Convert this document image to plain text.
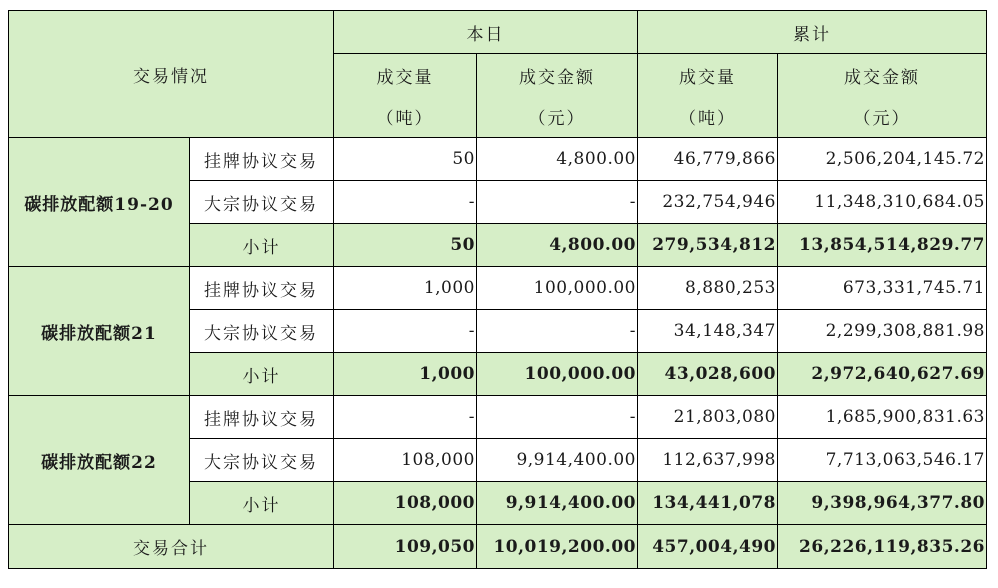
交易情况		本日		累计	
		成交量	成交金额	成交量	成交金额
		（吨）	（元）	（吨）	（元）
碳排放配额19-20	挂牌协议交易	50	4,800.00	46,779,866	2,506,204,145.72
	大宗协议交易	-	-	232,754,946	11,348,310,684.05
	小计	50	4,800.00	279,534,812	13,854,514,829.77
碳排放配额21	挂牌协议交易	1,000	100,000.00	8,880,253	673,331,745.71
	大宗协议交易	-	-	34,148,347	2,299,308,881.98
	小计	1,000	100,000.00	43,028,600	2,972,640,627.69
碳排放配额22	挂牌协议交易	-	-	21,803,080	1,685,900,831.63
	大宗协议交易	108,000	9,914,400.00	112,637,998	7,713,063,546.17
	小计	108,000	9,914,400.00	134,441,078	9,398,964,377.80
交易合计		109,050	10,019,200.00	457,004,490	26,226,119,835.26
